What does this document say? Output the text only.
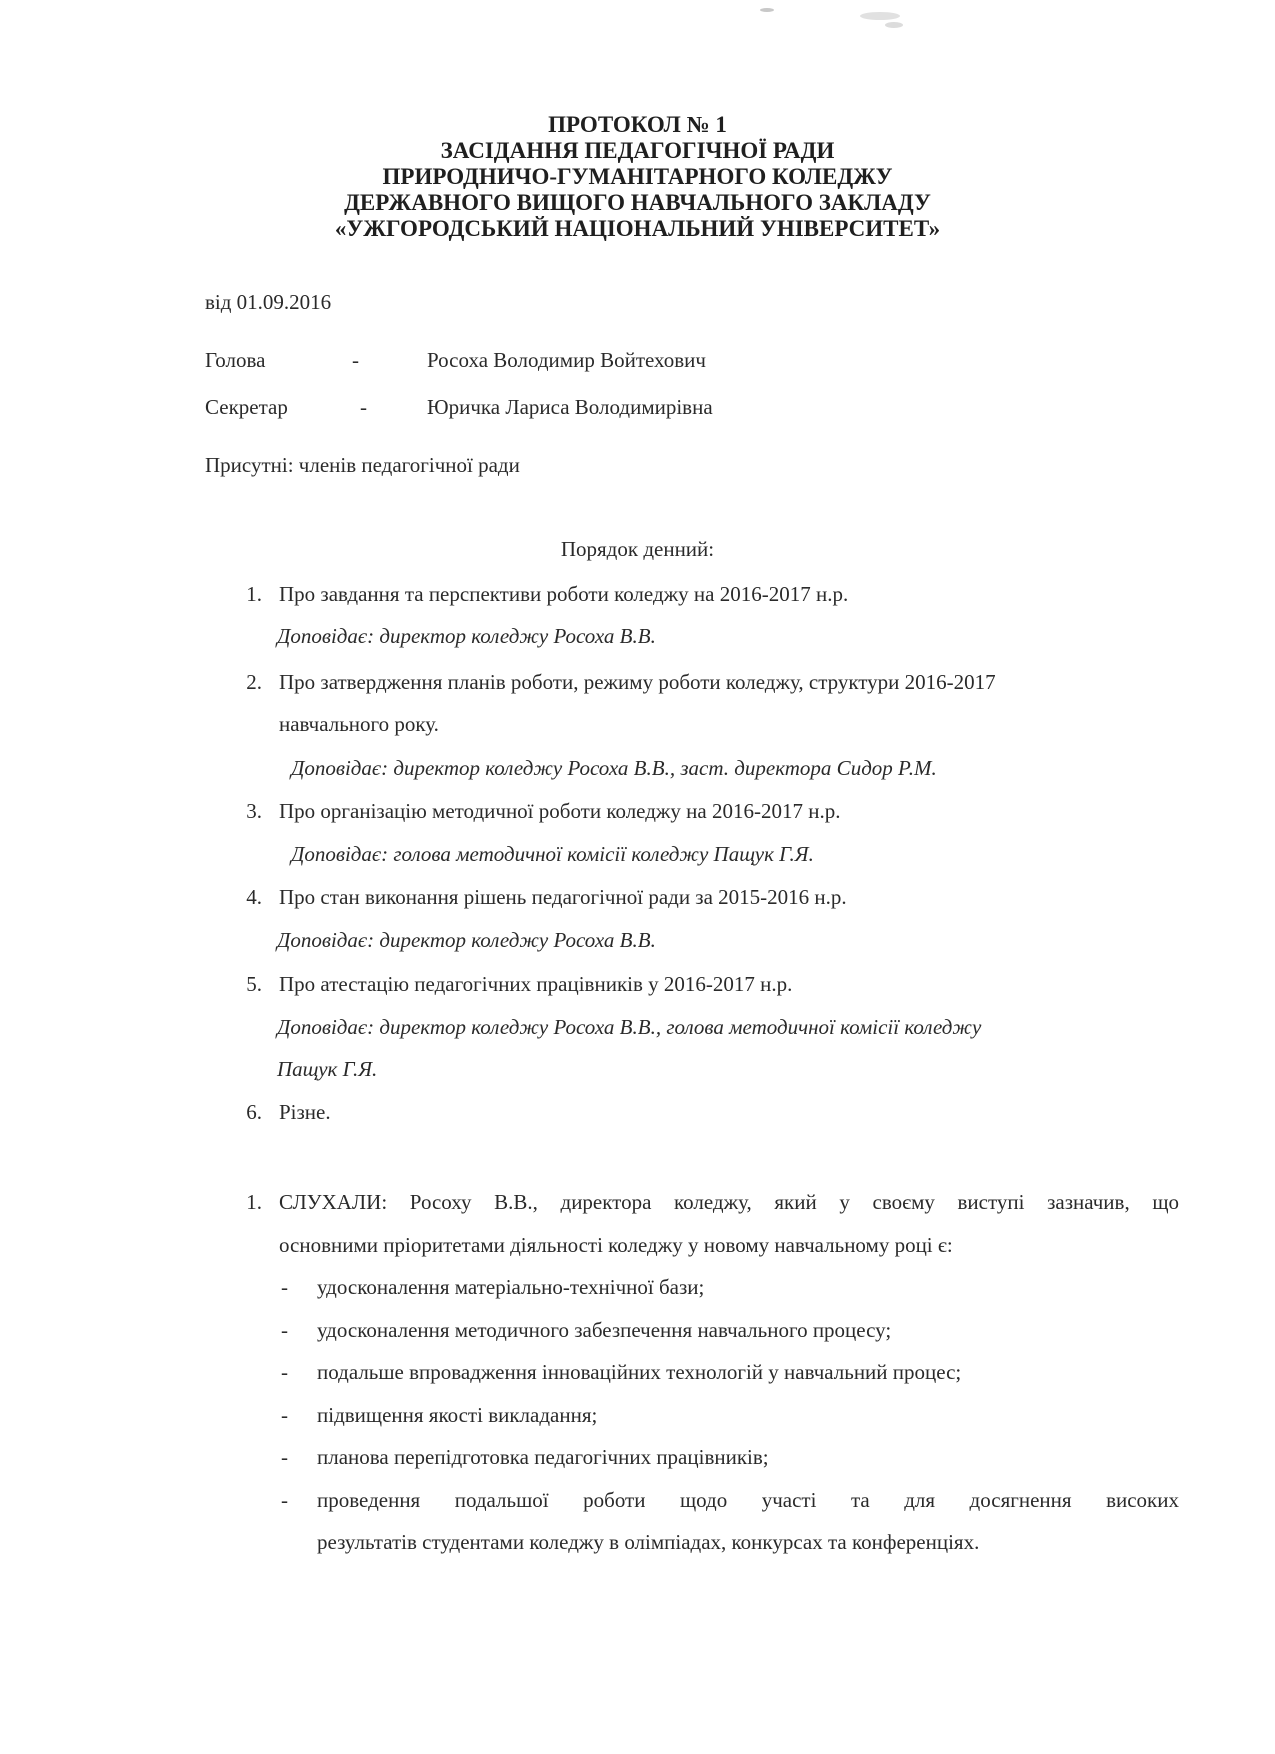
ПРОТОКОЛ № 1
ЗАСІДАННЯ ПЕДАГОГІЧНОЇ РАДИ
ПРИРОДНИЧО-ГУМАНІТАРНОГО КОЛЕДЖУ
ДЕРЖАВНОГО ВИЩОГО НАВЧАЛЬНОГО ЗАКЛАДУ
«УЖГОРОДСЬКИЙ НАЦІОНАЛЬНИЙ УНІВЕРСИТЕТ»
від 01.09.2016
Голова	-	Росоха Володимир Войтехович
Секретар	-	Юричка Лариса Володимирівна
Присутні: членів педагогічної ради
Порядок денний:
1. Про завдання та перспективи роботи коледжу на 2016-2017 н.р.
Доповідає: директор коледжу Росоха В.В.
2. Про затвердження планів роботи, режиму роботи коледжу, структури 2016-2017
навчального року.
Доповідає: директор коледжу Росоха В.В., заст. директора Сидор Р.М.
3. Про організацію методичної роботи коледжу на 2016-2017 н.р.
Доповідає: голова методичної комісії коледжу Пащук Г.Я.
4. Про стан виконання рішень педагогічної ради за 2015-2016 н.р.
Доповідає: директор коледжу Росоха В.В.
5. Про атестацію педагогічних працівників у 2016-2017 н.р.
Доповідає: директор коледжу Росоха В.В., голова методичної комісії коледжу
Пащук Г.Я.
6. Різне.
1. СЛУХАЛИ: Росоху В.В., директора коледжу, який у своєму виступі зазначив, що
основними пріоритетами діяльності коледжу у новому навчальному році є:
- удосконалення матеріально-технічної бази;
- удосконалення методичного забезпечення навчального процесу;
- подальше впровадження інноваційних технологій у навчальний процес;
- підвищення якості викладання;
- планова перепідготовка педагогічних працівників;
- проведення подальшої роботи щодо участі та для досягнення високих
результатів студентами коледжу в олімпіадах, конкурсах та конференціях.
